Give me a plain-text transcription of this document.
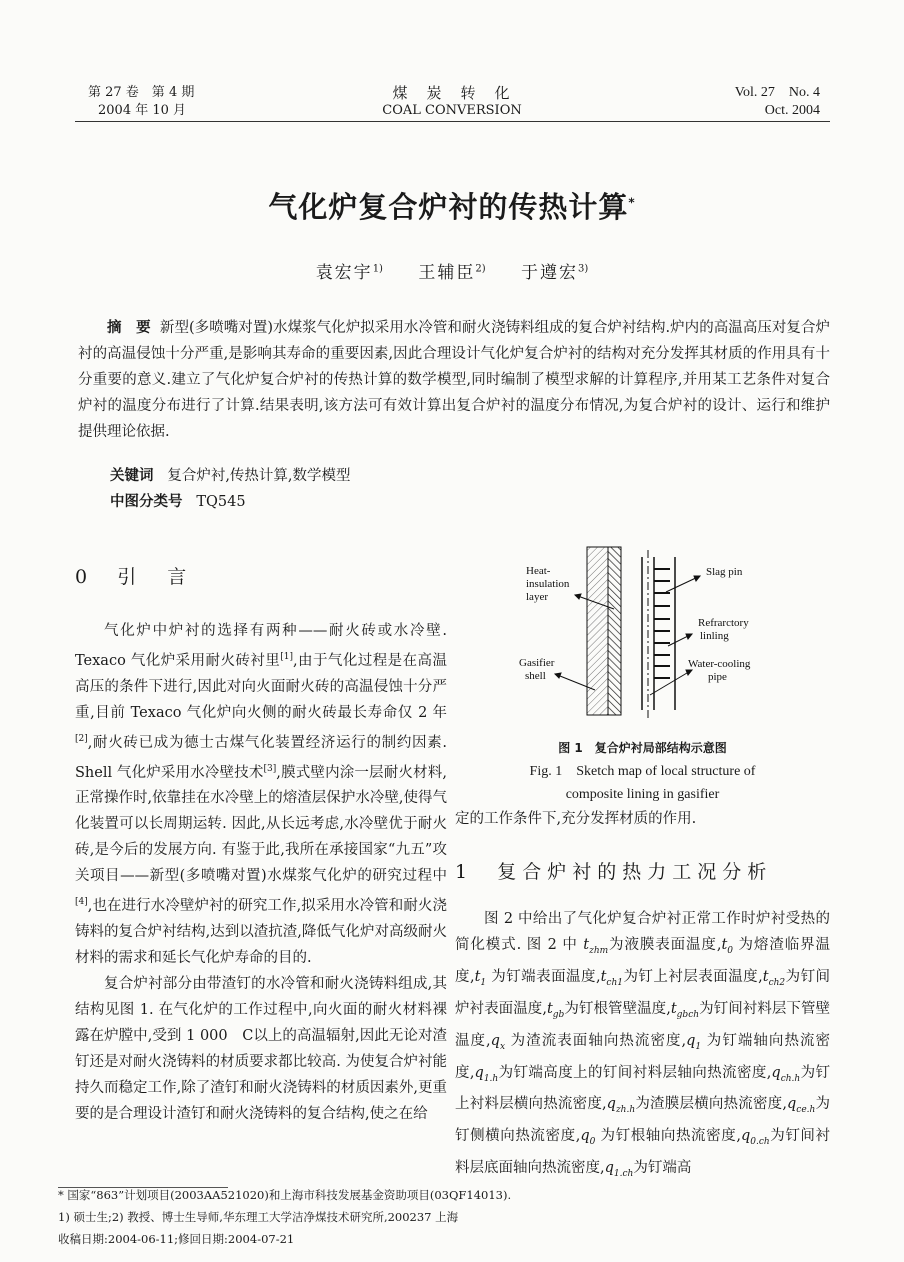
第 27 卷　第 4 期
2004 年 10 月
煤　炭　转　化
COAL CONVERSION
Vol. 27　No. 4
Oct. 2004
气化炉复合炉衬的传热计算*
袁宏宇$^{1)}$ 王辅臣$^{2)}$ 于遵宏$^{3)}$
摘　要 新型(多喷嘴对置)水煤浆气化炉拟采用水冷管和耐火浇铸料组成的复合炉衬结构.炉内的高温高压对复合炉衬的高温侵蚀十分严重,是影响其寿命的重要因素,因此合理设计气化炉复合炉衬的结构对充分发挥其材质的作用具有十分重要的意义.建立了气化炉复合炉衬的传热计算的数学模型,同时编制了模型求解的计算程序,并用某工艺条件对复合炉衬的温度分布进行了计算.结果表明,该方法可有效计算出复合炉衬的温度分布情况,为复合炉衬的设计、运行和维护提供理论依据.
关键词 复合炉衬,传热计算,数学模型
中图分类号 TQ545
0 引　言
气化炉中炉衬的选择有两种——耐火砖或水冷壁. Texaco 气化炉采用耐火砖衬里[1],由于气化过程是在高温高压的条件下进行,因此对向火面耐火砖的高温侵蚀十分严重,目前 Texaco 气化炉向火侧的耐火砖最长寿命仅 2 年[2],耐火砖已成为德士古煤气化装置经济运行的制约因素. Shell 气化炉采用水冷壁技术[3],膜式壁内涂一层耐火材料,正常操作时,依靠挂在水冷壁上的熔渣层保护水冷壁,使得气化装置可以长周期运转. 因此,从长远考虑,水冷壁优于耐火砖,是今后的发展方向. 有鉴于此,我所在承接国家“九五”攻关项目——新型(多喷嘴对置)水煤浆气化炉的研究过程中[4],也在进行水冷壁炉衬的研究工作,拟采用水冷管和耐火浇铸料的复合炉衬结构,达到以渣抗渣,降低气化炉对高级耐火材料的需求和延长气化炉寿命的目的.
复合炉衬部分由带渣钉的水冷管和耐火浇铸料组成,其结构见图 1. 在气化炉的工作过程中,向火面的耐火材料裸露在炉膛中,受到 1 000　C以上的高温辐射,因此无论对渣钉还是对耐火浇铸料的材质要求都比较高. 为使复合炉衬能持久而稳定工作,除了渣钉和耐火浇铸料的材质因素外,更重要的是合理设计渣钉和耐火浇铸料的复合结构,使之在给
Heat-insulation layer
Gasifier shell
Slag pin
Refrarctory linling
Water-cooling pipe
图 1　复合炉衬局部结构示意图
Fig. 1　Sketch map of local structure of
composite lining in gasifier
定的工作条件下,充分发挥材质的作用.
1 复合炉衬的热力工况分析
图 2 中给出了气化炉复合炉衬正常工作时炉衬受热的简化模式. 图 2 中 $t_{zhm}$为液膜表面温度$,t_0$ 为熔渣临界温度$,t_1$ 为钉端表面温度$,t_{ch1}$为钉上衬层表面温度$,t_{ch2}$为钉间炉衬表面温度$,t_{gb}$为钉根管壁温度$,t_{gbch}$为钉间衬料层下管壁温度$,q_x$ 为渣流表面轴向热流密度$,q_1$ 为钉端轴向热流密度$,q_{1.h}$为钉端高度上的钉间衬料层轴向热流密度$,q_{ch.h}$为钉上衬料层横向热流密度$,q_{zh.h}$为渣膜层横向热流密度$,q_{ce.h}$为钉侧横向热流密度$,q_0$ 为钉根轴向热流密度$,q_{0.ch}$为钉间衬料层底面轴向热流密度$,q_{1.ch}$为钉端高
* 国家“863”计划项目(2003AA521020)和上海市科技发展基金资助项目(03QF14013).
1) 硕士生;2) 教授、博士生导师,华东理工大学洁净煤技术研究所,200237 上海
收稿日期:2004-06-11;修回日期:2004-07-21
